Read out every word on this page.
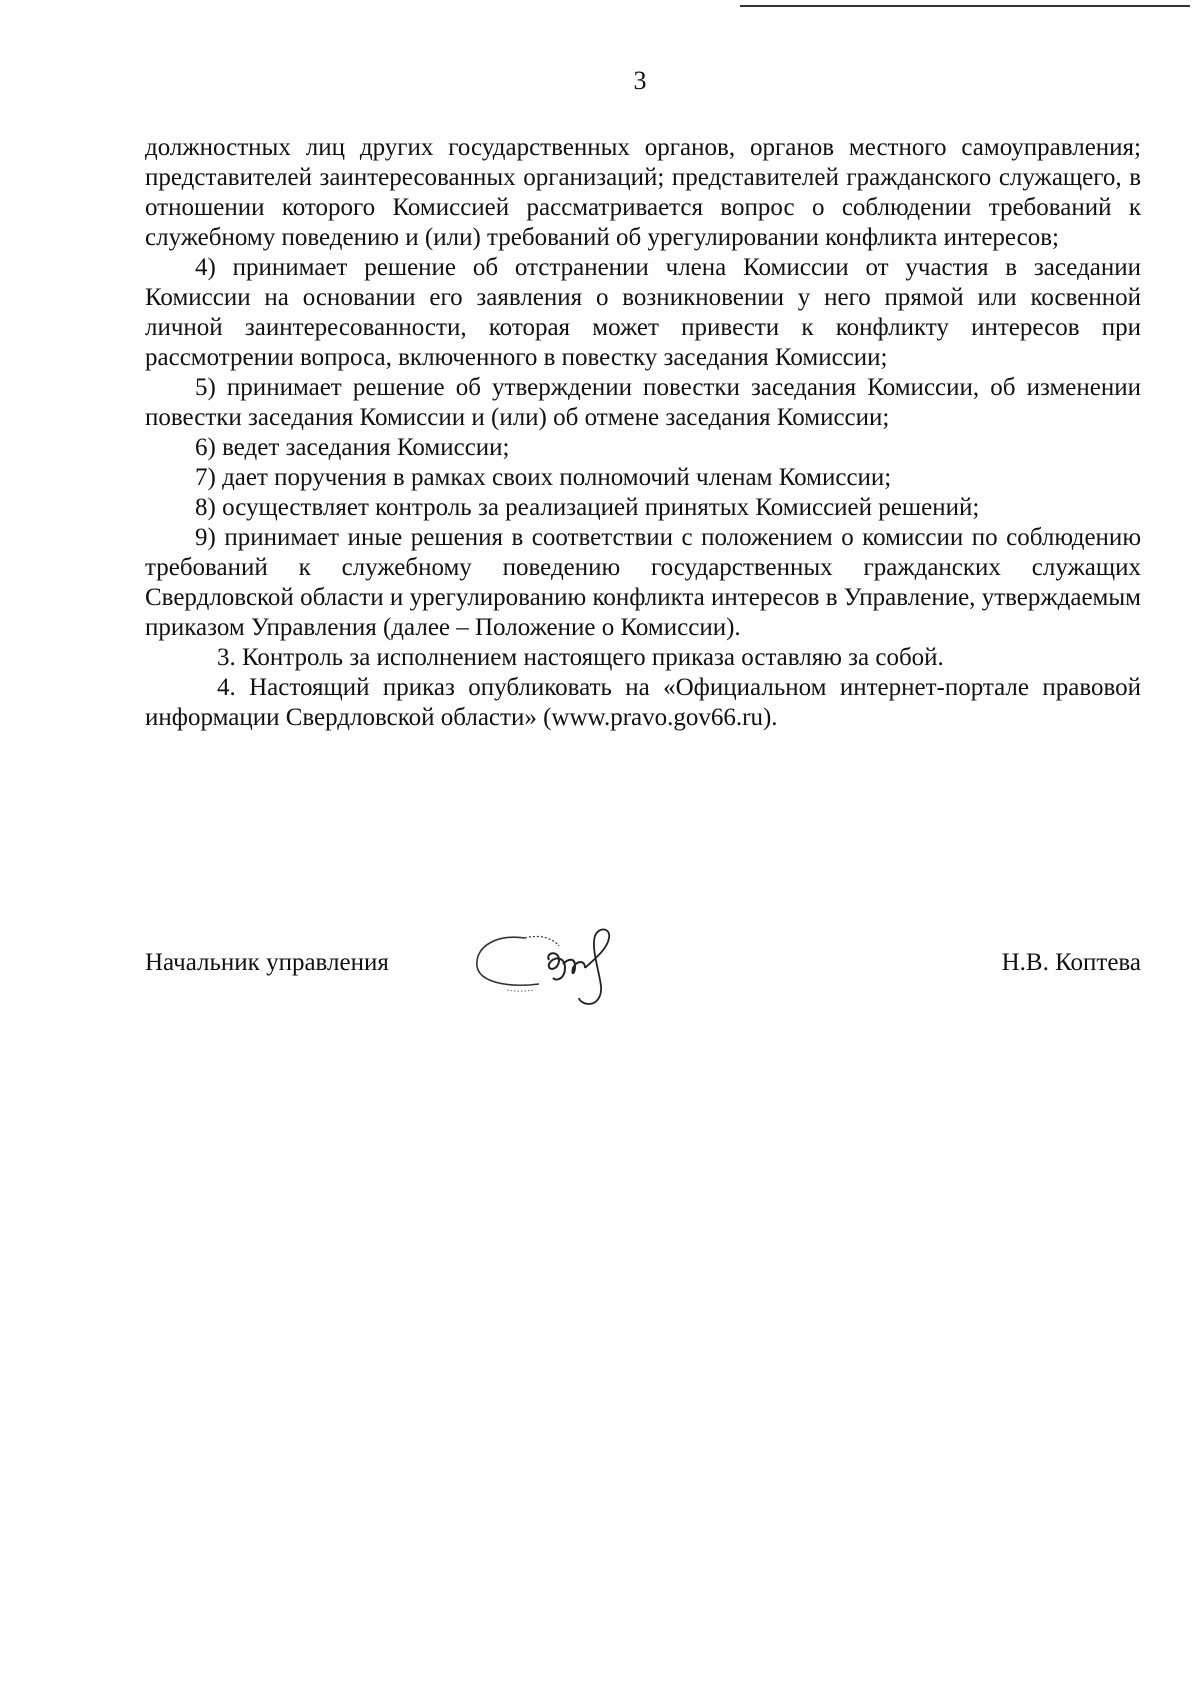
3

должностных лиц других государственных органов, органов местного самоуправления; представителей заинтересованных организаций; представителей гражданского служащего, в отношении которого Комиссией рассматривается вопрос о соблюдении требований к служебному поведению и (или) требований об урегулировании конфликта интересов;

4) принимает решение об отстранении члена Комиссии от участия в заседании Комиссии на основании его заявления о возникновении у него прямой или косвенной личной заинтересованности, которая может привести к конфликту интересов при рассмотрении вопроса, включенного в повестку заседания Комиссии;

5) принимает решение об утверждении повестки заседания Комиссии, об изменении повестки заседания Комиссии и (или) об отмене заседания Комиссии;

6) ведет заседания Комиссии;

7) дает поручения в рамках своих полномочий членам Комиссии;

8) осуществляет контроль за реализацией принятых Комиссией решений;

9) принимает иные решения в соответствии с положением о комиссии по соблюдению требований к служебному поведению государственных гражданских служащих Свердловской области и урегулированию конфликта интересов в Управление, утверждаемым приказом Управления (далее – Положение о Комиссии).

3. Контроль за исполнением настоящего приказа оставляю за собой.

4. Настоящий приказ опубликовать на «Официальном интернет-портале правовой информации Свердловской области» (www.pravo.gov66.ru).

Начальник управления	Н.В. Коптева
